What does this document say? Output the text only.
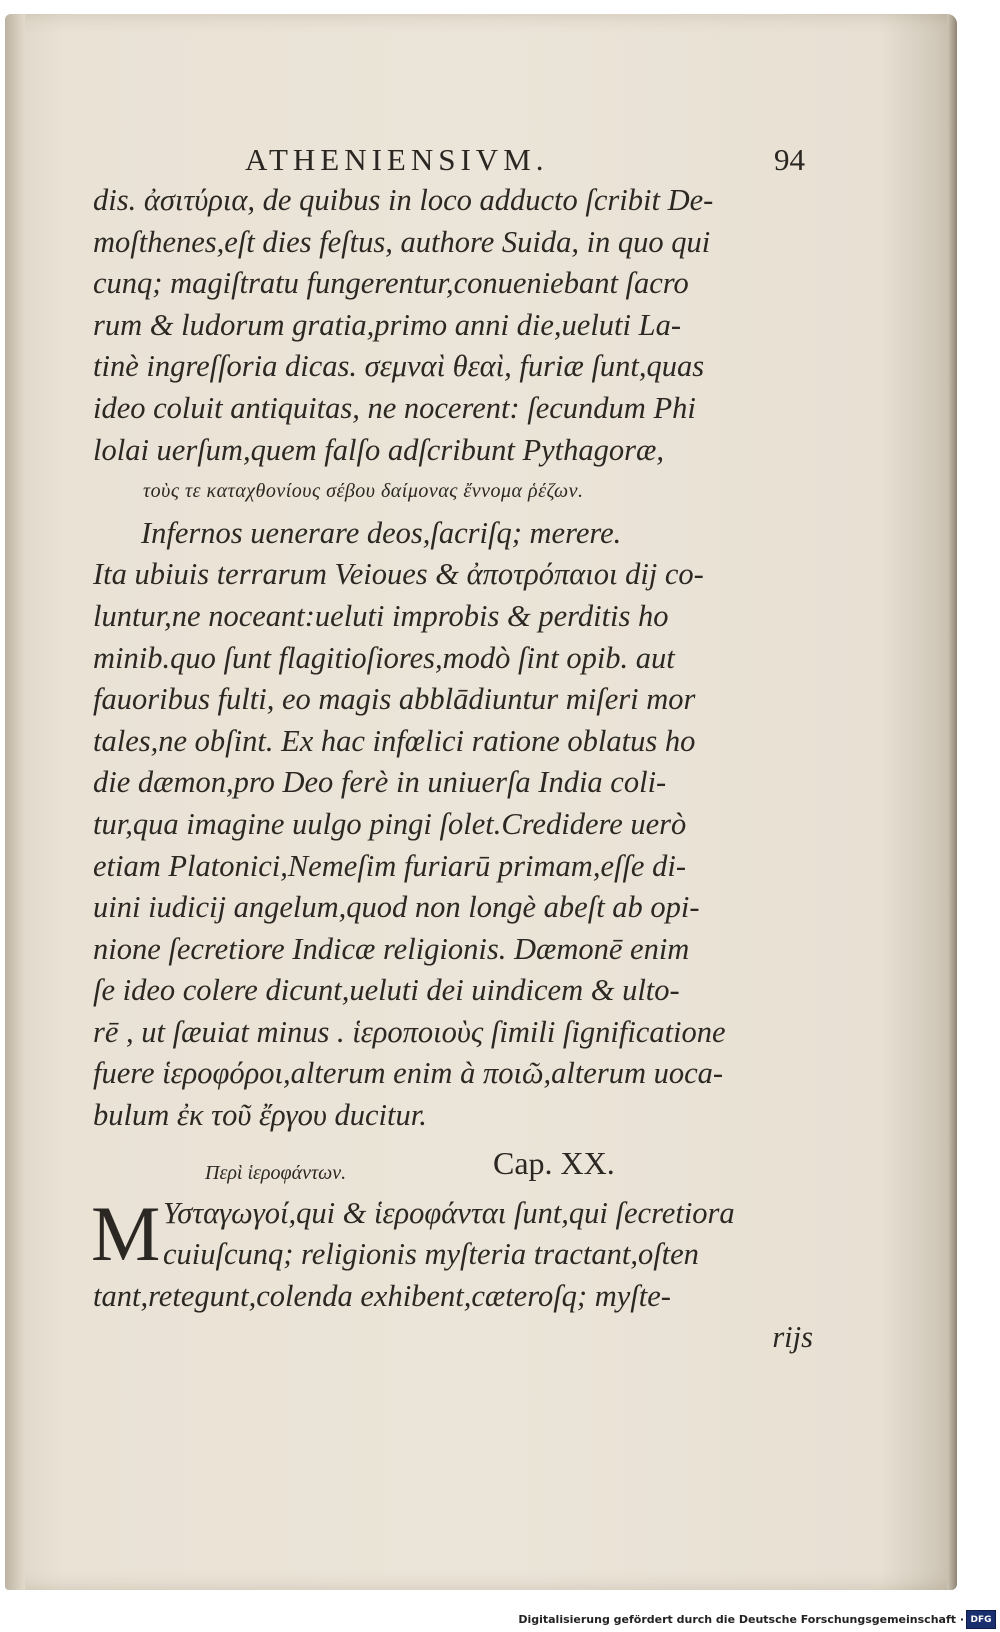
ATHENIENSIVM.	94
dis. ἀσιτύρια, de quibus in loco adducto ſcribit De-
moſthenes,eſt dies feſtus, authore Suida, in quo qui
cunq; magiſtratu fungerentur,conueniebant ſacro
rum & ludorum gratia,primo anni die,ueluti La-
tinè ingreſſoria dicas. σεμναὶ θεαὶ, furiæ ſunt,quas
ideo coluit antiquitas, ne nocerent: ſecundum Phi
lolai uerſum,quem falſo adſcribunt Pythagoræ,
τοὺς τε καταχθονίους σέβου δαίμονας ἔννομα ῥέζων.
Infernos uenerare deos,ſacriſq; merere.
Ita ubiuis terrarum Veioues & ἀποτρόπαιοι dij co-
luntur,ne noceant:ueluti improbis & perditis ho
minib.quo ſunt flagitioſiores,modò ſint opib. aut
fauoribus fulti, eo magis abblādiuntur miſeri mor
tales,ne obſint. Ex hac infœlici ratione oblatus ho
die dæmon,pro Deo ferè in uniuerſa India coli-
tur,qua imagine uulgo pingi ſolet.Credidere uerò
etiam Platonici,Nemeſim furiarū primam,eſſe di-
uini iudicij angelum,quod non longè abeſt ab opi-
nione ſecretiore Indicæ religionis. Dæmonē enim
ſe ideo colere dicunt,ueluti dei uindicem & ulto-
rē , ut ſæuiat minus . ἱεροποιοὺς ſimili ſignificatione
fuere ἱεροφόροι,alterum enim à ποιῶ,alterum uoca-
bulum ἐκ τοῦ ἔργου ducitur.
Περὶ ἱεροφάντων.	Cap. XX.
M Υσταγωγοί,qui & ἱεροφάνται ſunt,qui ſecretiora
cuiuſcunq; religionis myſteria tractant,oſten
tant,retegunt,colenda exhibent,cæteroſq; myſte-
rijs
Digitalisierung gefördert durch die Deutsche Forschungsgemeinschaft · DFG
